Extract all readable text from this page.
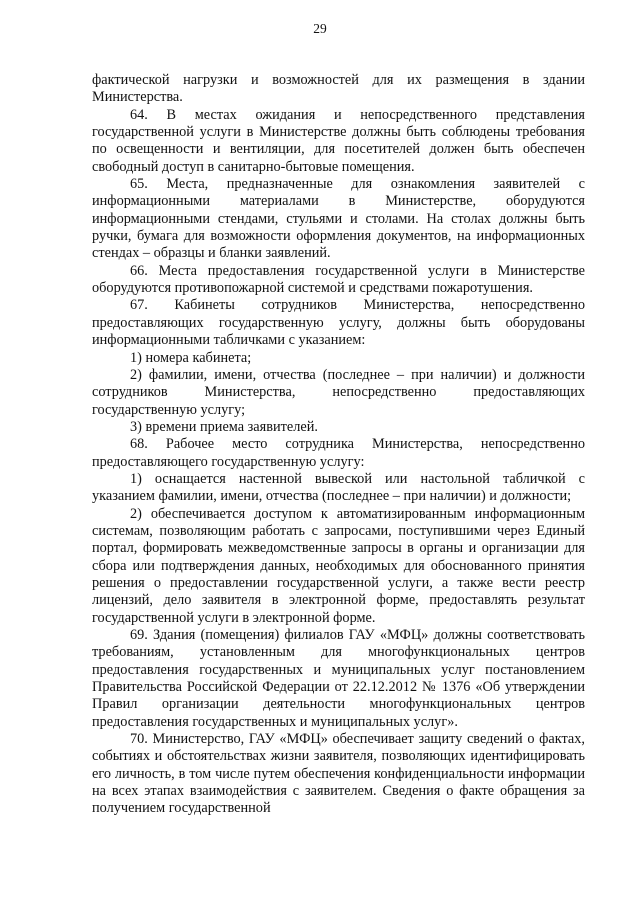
29

фактической нагрузки и возможностей для их размещения в здании Министерства.

64. В местах ожидания и непосредственного представления государственной услуги в Министерстве должны быть соблюдены требования по освещенности и вентиляции, для посетителей должен быть обеспечен свободный доступ в санитарно-бытовые помещения.

65. Места, предназначенные для ознакомления заявителей с информационными материалами в Министерстве, оборудуются информационными стендами, стульями и столами. На столах должны быть ручки, бумага для возможности оформления документов, на информационных стендах – образцы и бланки заявлений.

66. Места предоставления государственной услуги в Министерстве оборудуются противопожарной системой и средствами пожаротушения.

67. Кабинеты сотрудников Министерства, непосредственно предоставляющих государственную услугу, должны быть оборудованы информационными табличками с указанием:

1) номера кабинета;

2) фамилии, имени, отчества (последнее – при наличии) и должности сотрудников Министерства, непосредственно предоставляющих государственную услугу;

3) времени приема заявителей.

68. Рабочее место сотрудника Министерства, непосредственно предоставляющего государственную услугу:

1) оснащается настенной вывеской или настольной табличкой с указанием фамилии, имени, отчества (последнее – при наличии) и должности;

2) обеспечивается доступом к автоматизированным информационным системам, позволяющим работать с запросами, поступившими через Единый портал, формировать межведомственные запросы в органы и организации для сбора или подтверждения данных, необходимых для обоснованного принятия решения о предоставлении государственной услуги, а также вести реестр лицензий, дело заявителя в электронной форме, предоставлять результат государственной услуги в электронной форме.

69. Здания (помещения) филиалов ГАУ «МФЦ» должны соответствовать требованиям, установленным для многофункциональных центров предоставления государственных и муниципальных услуг постановлением Правительства Российской Федерации от 22.12.2012 № 1376 «Об утверждении Правил организации деятельности многофункциональных центров предоставления государственных и муниципальных услуг».

70. Министерство, ГАУ «МФЦ» обеспечивает защиту сведений о фактах, событиях и обстоятельствах жизни заявителя, позволяющих идентифицировать его личность, в том числе путем обеспечения конфиденциальности информации на всех этапах взаимодействия с заявителем. Сведения о факте обращения за получением государственной
